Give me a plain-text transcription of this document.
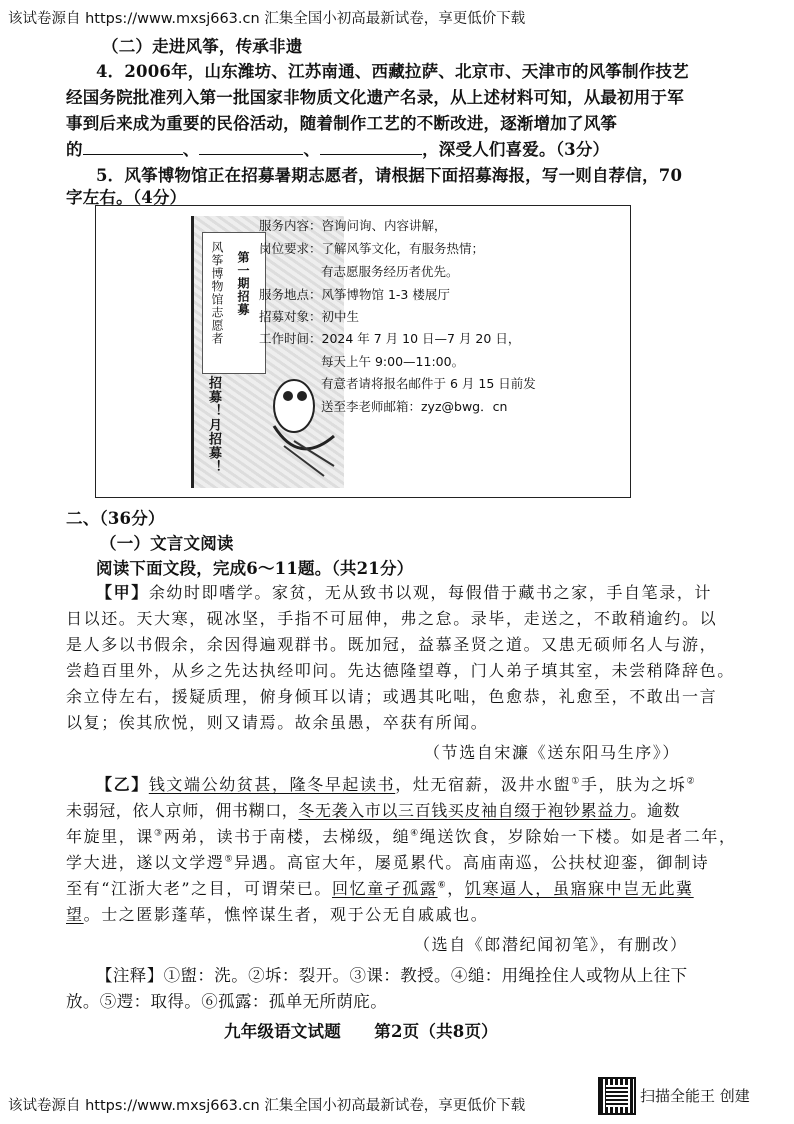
该试卷源自 https://www.mxsj663.cn 汇集全国小初高最新试卷，享更低价下载
（二）走进风筝，传承非遗
4．2006年，山东潍坊、江苏南通、西藏拉萨、北京市、天津市的风筝制作技艺
经国务院批准列入第一批国家非物质文化遗产名录，从上述材料可知，从最初用于军
事到后来成为重要的民俗活动，随着制作工艺的不断改进，逐渐增加了风筝
的	、	、	，深受人们喜爱。（3分）
5．风筝博物馆正在招募暑期志愿者，请根据下面招募海报，写一则自荐信，70
字左右。（4分）
风筝博物馆志愿者 第一期招募
招募！月招募！
服务内容：咨询问询、内容讲解，
岗位要求：了解风筝文化，有服务热情；
有志愿服务经历者优先。
服务地点：风筝博物馆 1-3 楼展厅
招募对象：初中生
工作时间：2024 年 7 月 10 日—7 月 20 日，
每天上午 9:00—11:00。
有意者请将报名邮件于 6 月 15 日前发
送至李老师邮箱：zyz@bwg．cn
二、（36分）
（一）文言文阅读
阅读下面文段，完成6～11题。（共21分）
【甲】余幼时即嗜学。家贫，无从致书以观，每假借于藏书之家，手自笔录，计
日以还。天大寒，砚冰坚，手指不可屈伸，弗之怠。录毕，走送之，不敢稍逾约。以
是人多以书假余，余因得遍观群书。既加冠，益慕圣贤之道。又患无硕师名人与游，
尝趋百里外，从乡之先达执经叩问。先达德隆望尊，门人弟子填其室，未尝稍降辞色。
余立侍左右，援疑质理，俯身倾耳以请；或遇其叱咄，色愈恭，礼愈至，不敢出一言
以复；俟其欣悦，则又请焉。故余虽愚，卒获有所闻。
（节选自宋濂《送东阳马生序》）
【乙】钱文端公幼贫甚，隆冬早起读书，灶无宿薪，汲井水盥①手，肤为之坼②
未弱冠，依人京师，佣书糊口，冬无袭入市以三百钱买皮袖自缀于袍钞累益力。逾数
年旋里，课③两弟，读书于南楼，去梯级，缒④绳送饮食，岁除始一下楼。如是者二年，
学大进，遂以文学遌⑤异遇。高宦大年，屡觅累代。高庙南巡，公扶杖迎銮，御制诗
至有“江浙大老”之目，可谓荣已。回忆童孑孤露⑥，饥寒逼人，虽寤寐中岂无此冀
望。士之匿影蓬荜，憔悴谋生者，观于公无自戚戚也。
（选自《郎潜纪闻初笔》，有删改）
【注释】①盥：洗。②坼：裂开。③课：教授。④缒：用绳拴住人或物从上往下
放。⑤遌：取得。⑥孤露：孤单无所荫庇。
九年级语文试题　　第2页（共8页）
该试卷源自 https://www.mxsj663.cn 汇集全国小初高最新试卷，享更低价下载
扫描全能王 创建
